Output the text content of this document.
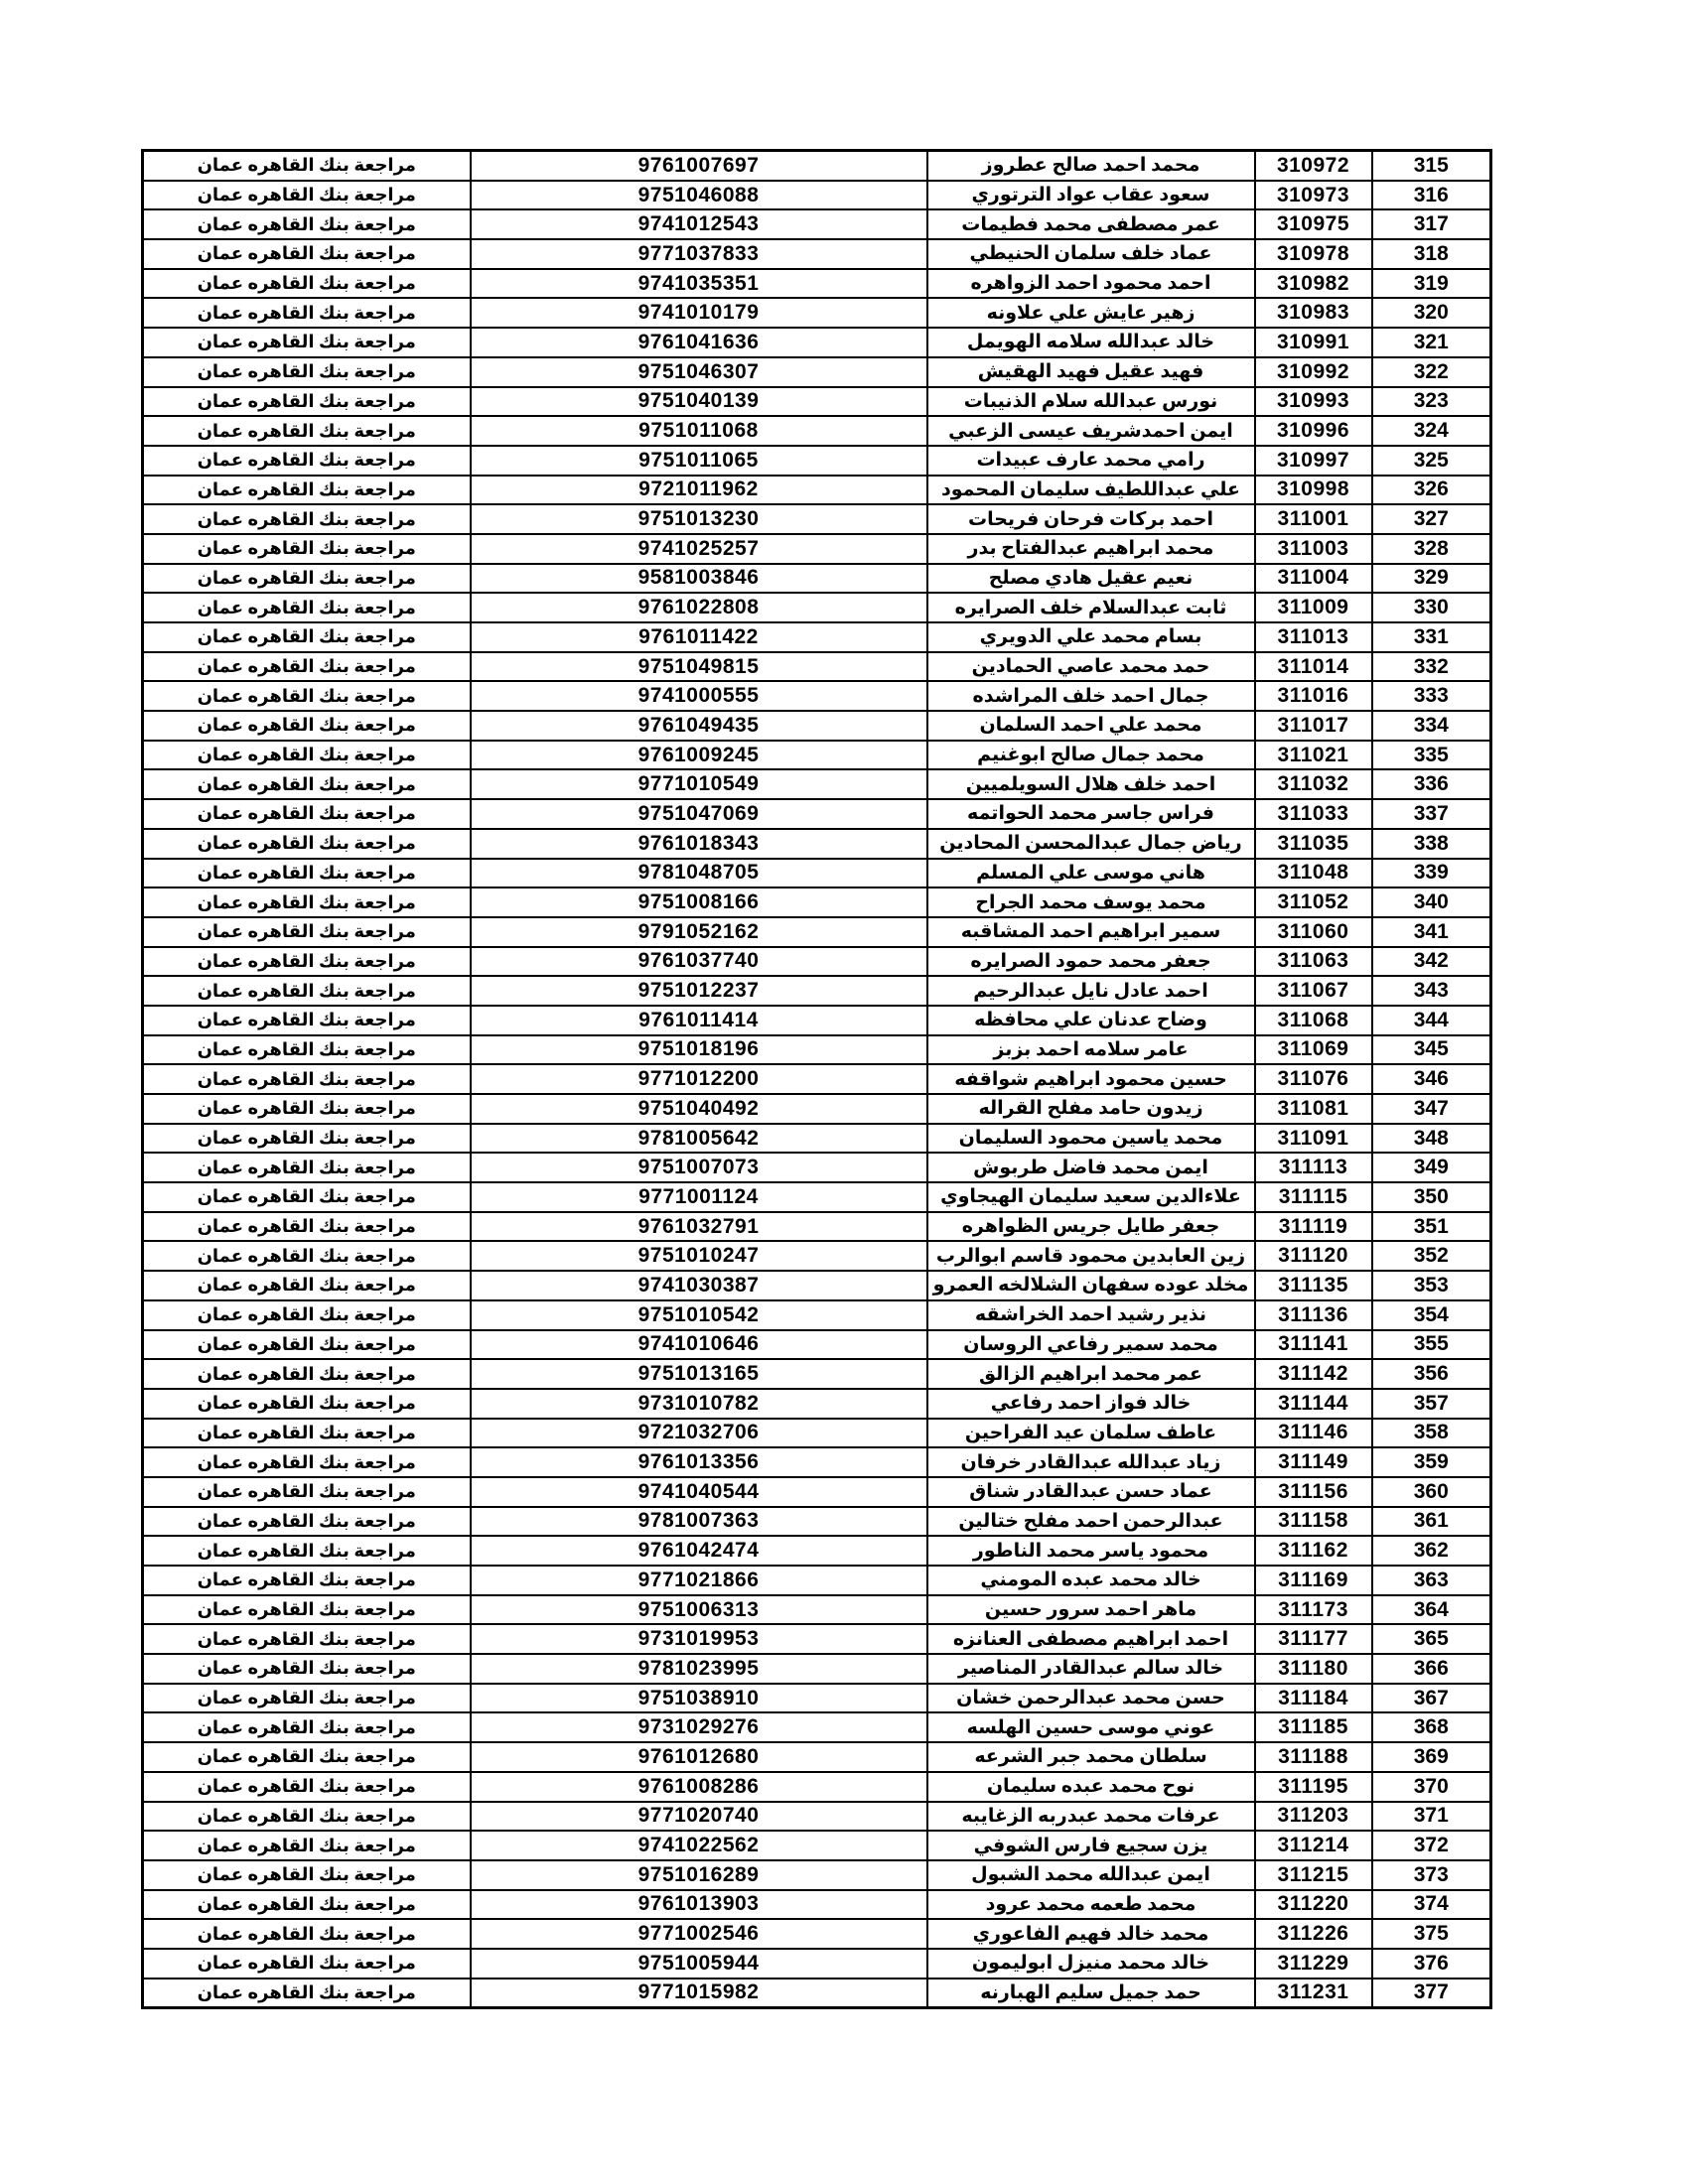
315	310972	محمد احمد صالح عطروز	9761007697	مراجعة بنك القاهره عمان
316	310973	سعود عقاب عواد الترتوري	9751046088	مراجعة بنك القاهره عمان
317	310975	عمر مصطفى محمد فطيمات	9741012543	مراجعة بنك القاهره عمان
318	310978	عماد خلف سلمان الحنيطي	9771037833	مراجعة بنك القاهره عمان
319	310982	احمد محمود احمد الزواهره	9741035351	مراجعة بنك القاهره عمان
320	310983	زهير عايش علي علاونه	9741010179	مراجعة بنك القاهره عمان
321	310991	خالد عبدالله سلامه الهويمل	9761041636	مراجعة بنك القاهره عمان
322	310992	فهيد عقيل فهيد الهقيش	9751046307	مراجعة بنك القاهره عمان
323	310993	نورس عبدالله سلام الذنيبات	9751040139	مراجعة بنك القاهره عمان
324	310996	ايمن احمدشريف عيسى الزعبي	9751011068	مراجعة بنك القاهره عمان
325	310997	رامي محمد عارف عبيدات	9751011065	مراجعة بنك القاهره عمان
326	310998	علي عبداللطيف سليمان المحمود	9721011962	مراجعة بنك القاهره عمان
327	311001	احمد بركات فرحان فريحات	9751013230	مراجعة بنك القاهره عمان
328	311003	محمد ابراهيم عبدالفتاح بدر	9741025257	مراجعة بنك القاهره عمان
329	311004	نعيم عقيل هادي مصلح	9581003846	مراجعة بنك القاهره عمان
330	311009	ثابت عبدالسلام خلف الصرايره	9761022808	مراجعة بنك القاهره عمان
331	311013	بسام محمد علي الدويري	9761011422	مراجعة بنك القاهره عمان
332	311014	حمد محمد عاصي الحمادين	9751049815	مراجعة بنك القاهره عمان
333	311016	جمال احمد خلف المراشده	9741000555	مراجعة بنك القاهره عمان
334	311017	محمد علي احمد السلمان	9761049435	مراجعة بنك القاهره عمان
335	311021	محمد جمال صالح ابوغنيم	9761009245	مراجعة بنك القاهره عمان
336	311032	احمد خلف هلال السويلميين	9771010549	مراجعة بنك القاهره عمان
337	311033	فراس جاسر محمد الحواتمه	9751047069	مراجعة بنك القاهره عمان
338	311035	رياض جمال عبدالمحسن المحادين	9761018343	مراجعة بنك القاهره عمان
339	311048	هاني موسى علي المسلم	9781048705	مراجعة بنك القاهره عمان
340	311052	محمد يوسف محمد الجراح	9751008166	مراجعة بنك القاهره عمان
341	311060	سمير ابراهيم احمد المشاقبه	9791052162	مراجعة بنك القاهره عمان
342	311063	جعفر محمد حمود الصرايره	9761037740	مراجعة بنك القاهره عمان
343	311067	احمد عادل نايل عبدالرحيم	9751012237	مراجعة بنك القاهره عمان
344	311068	وضاح عدنان علي محافظه	9761011414	مراجعة بنك القاهره عمان
345	311069	عامر سلامه احمد بزبز	9751018196	مراجعة بنك القاهره عمان
346	311076	حسين محمود ابراهيم شواقفه	9771012200	مراجعة بنك القاهره عمان
347	311081	زيدون حامد مفلح القراله	9751040492	مراجعة بنك القاهره عمان
348	311091	محمد ياسين محمود السليمان	9781005642	مراجعة بنك القاهره عمان
349	311113	ايمن محمد فاضل طربوش	9751007073	مراجعة بنك القاهره عمان
350	311115	علاءالدين سعيد سليمان الهيجاوي	9771001124	مراجعة بنك القاهره عمان
351	311119	جعفر طايل جريس الظواهره	9761032791	مراجعة بنك القاهره عمان
352	311120	زين العابدين محمود قاسم ابوالرب	9751010247	مراجعة بنك القاهره عمان
353	311135	مخلد عوده سفهان الشلالخه العمرو	9741030387	مراجعة بنك القاهره عمان
354	311136	نذير رشيد احمد الخراشقه	9751010542	مراجعة بنك القاهره عمان
355	311141	محمد سمير رفاعي الروسان	9741010646	مراجعة بنك القاهره عمان
356	311142	عمر محمد ابراهيم الزالق	9751013165	مراجعة بنك القاهره عمان
357	311144	خالد فواز احمد رفاعي	9731010782	مراجعة بنك القاهره عمان
358	311146	عاطف سلمان عيد الفراحين	9721032706	مراجعة بنك القاهره عمان
359	311149	زياد عبدالله عبدالقادر خرفان	9761013356	مراجعة بنك القاهره عمان
360	311156	عماد حسن عبدالقادر شناق	9741040544	مراجعة بنك القاهره عمان
361	311158	عبدالرحمن احمد مفلح ختالين	9781007363	مراجعة بنك القاهره عمان
362	311162	محمود ياسر محمد الناطور	9761042474	مراجعة بنك القاهره عمان
363	311169	خالد محمد عبده المومني	9771021866	مراجعة بنك القاهره عمان
364	311173	ماهر احمد سرور حسين	9751006313	مراجعة بنك القاهره عمان
365	311177	احمد ابراهيم مصطفى العنانزه	9731019953	مراجعة بنك القاهره عمان
366	311180	خالد سالم عبدالقادر المناصير	9781023995	مراجعة بنك القاهره عمان
367	311184	حسن محمد عبدالرحمن خشان	9751038910	مراجعة بنك القاهره عمان
368	311185	عوني موسى حسين الهلسه	9731029276	مراجعة بنك القاهره عمان
369	311188	سلطان محمد جبر الشرعه	9761012680	مراجعة بنك القاهره عمان
370	311195	نوح محمد عبده سليمان	9761008286	مراجعة بنك القاهره عمان
371	311203	عرفات محمد عبدربه الزغايبه	9771020740	مراجعة بنك القاهره عمان
372	311214	يزن سجيع فارس الشوفي	9741022562	مراجعة بنك القاهره عمان
373	311215	ايمن عبدالله محمد الشبول	9751016289	مراجعة بنك القاهره عمان
374	311220	محمد طعمه محمد عرود	9761013903	مراجعة بنك القاهره عمان
375	311226	محمد خالد فهيم الفاعوري	9771002546	مراجعة بنك القاهره عمان
376	311229	خالد محمد منيزل ابوليمون	9751005944	مراجعة بنك القاهره عمان
377	311231	حمد جميل سليم الهبارنه	9771015982	مراجعة بنك القاهره عمان
